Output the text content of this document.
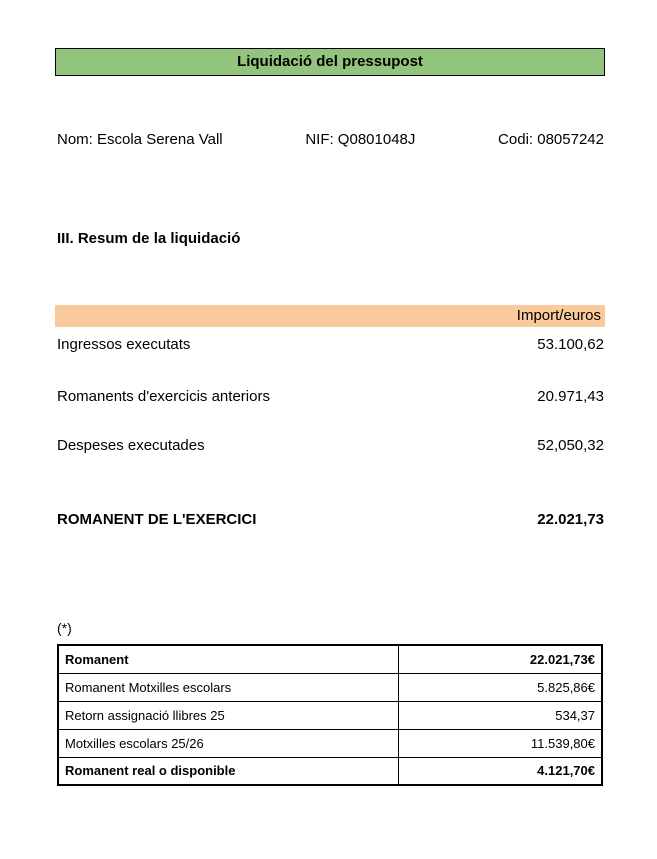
Liquidació del pressupost
Nom: Escola Serena Vall	NIF: Q0801048J	Codi: 08057242
III. Resum de la liquidació
Import/euros
Ingressos executats	53.100,62
Romanents d'exercicis anteriors	20.971,43
Despeses executades	52,050,32
ROMANENT DE L'EXERCICI	22.021,73
(*)
Romanent	22.021,73€
Romanent Motxilles escolars	5.825,86€
Retorn assignació llibres 25	534,37
Motxilles escolars 25/26	11.539,80€
Romanent real o disponible	4.121,70€
